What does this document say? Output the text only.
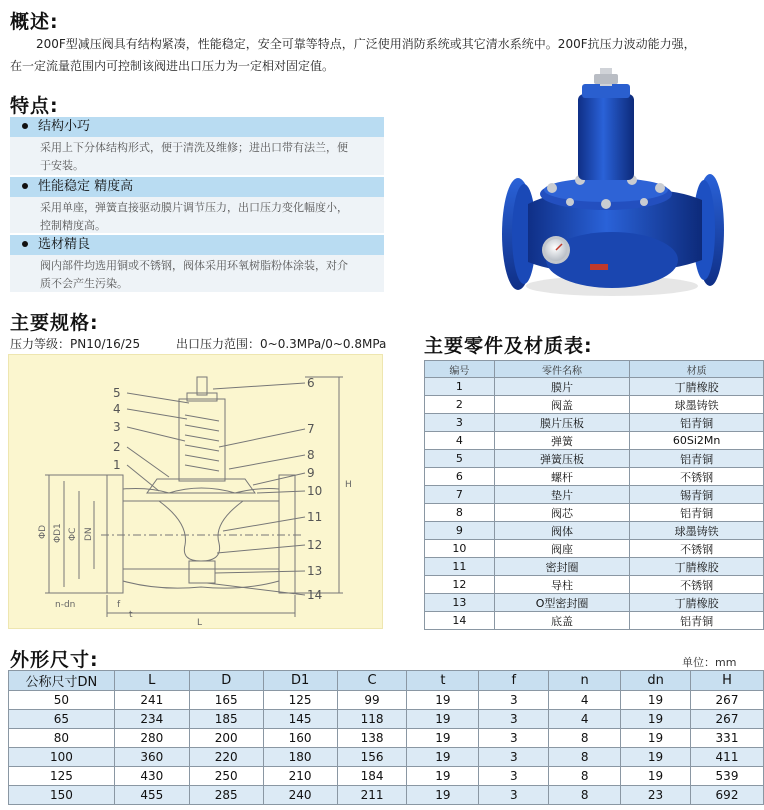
概述:
200F型减压阀具有结构紧凑，性能稳定，安全可靠等特点，广泛使用消防系统或其它清水系统中。200F抗压力波动能力强，
在一定流量范围内可控制该阀进出口压力为一定相对固定值。
特点:
结构小巧
采用上下分体结构形式，便于清洗及维修；进出口带有法兰，便
于安装。
性能稳定 精度高
采用单座，弹簧直接驱动膜片调节压力，出口压力变化幅度小，
控制精度高。
选材精良
阀内部件均选用铜或不锈钢，阀体采用环氧树脂粉体涂装，对介
质不会产生污染。
主要规格:
压力等级：PN10/16/25	出口压力范围：0~0.3MPa/0~0.8MPa
5
4
3
2
1
6
7
8
9
10
11
12
13
14
ΦD ΦD1 ΦC DN
H
L
f
t
n-dn
主要零件及材质表:
编号	零件名称	材质
1	膜片	丁腈橡胶
2	阀盖	球墨铸铁
3	膜片压板	铝青铜
4	弹簧	60Si2Mn
5	弹簧压板	铝青铜
6	螺杆	不锈钢
7	垫片	锡青铜
8	阀芯	铝青铜
9	阀体	球墨铸铁
10	阀座	不锈钢
11	密封圈	丁腈橡胶
12	导柱	不锈钢
13	O型密封圈	丁腈橡胶
14	底盖	铝青铜
外形尺寸:	单位：mm
公称尺寸DN	L	D	D1	C	t	f	n	dn	H
50	241	165	125	99	19	3	4	19	267
65	234	185	145	118	19	3	4	19	267
80	280	200	160	138	19	3	8	19	331
100	360	220	180	156	19	3	8	19	411
125	430	250	210	184	19	3	8	19	539
150	455	285	240	211	19	3	8	23	692
